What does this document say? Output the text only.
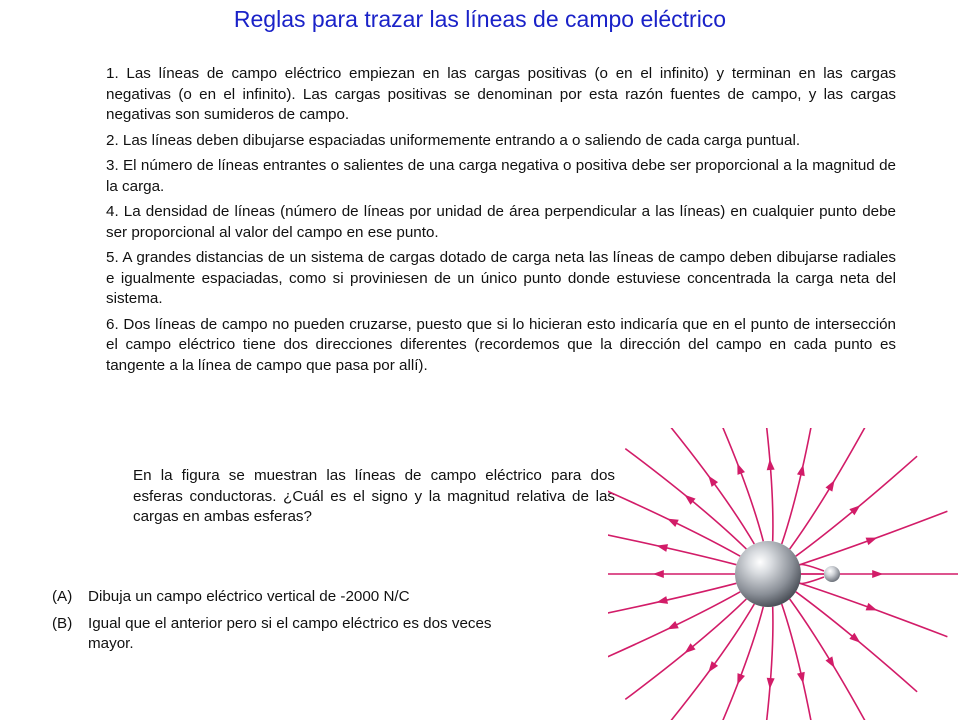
Reglas para trazar las líneas de campo eléctrico

1. Las líneas de campo eléctrico empiezan en las cargas positivas (o en el infinito) y terminan en las cargas negativas (o en el infinito). Las cargas positivas se denominan por esta razón fuentes de campo, y las cargas negativas son sumideros de campo.

2. Las líneas deben dibujarse espaciadas uniformemente entrando a o saliendo de cada carga puntual.

3. El número de líneas entrantes o salientes de una carga negativa o positiva debe ser proporcional a la magnitud de la carga.

4. La densidad de líneas (número de líneas por unidad de área perpendicular a las líneas) en cualquier punto debe ser proporcional al valor del campo en ese punto.

5. A grandes distancias de un sistema de cargas dotado de carga neta las líneas de campo deben dibujarse radiales e igualmente espaciadas, como si proviniesen de un único punto donde estuviese concentrada la carga neta del sistema.

6. Dos líneas de campo no pueden cruzarse, puesto que si lo hicieran esto indicaría que en el punto de intersección el campo eléctrico tiene dos direcciones diferentes (recordemos que la dirección del campo en cada punto es tangente a la línea de campo que pasa por allí).

En la figura se muestran las líneas de campo eléctrico para dos esferas conductoras. ¿Cuál es el signo y la magnitud relativa de las cargas en ambas esferas?

(A)	Dibuja un campo eléctrico vertical de -2000 N/C
(B)	Igual que el anterior pero si el campo eléctrico es dos veces mayor.
